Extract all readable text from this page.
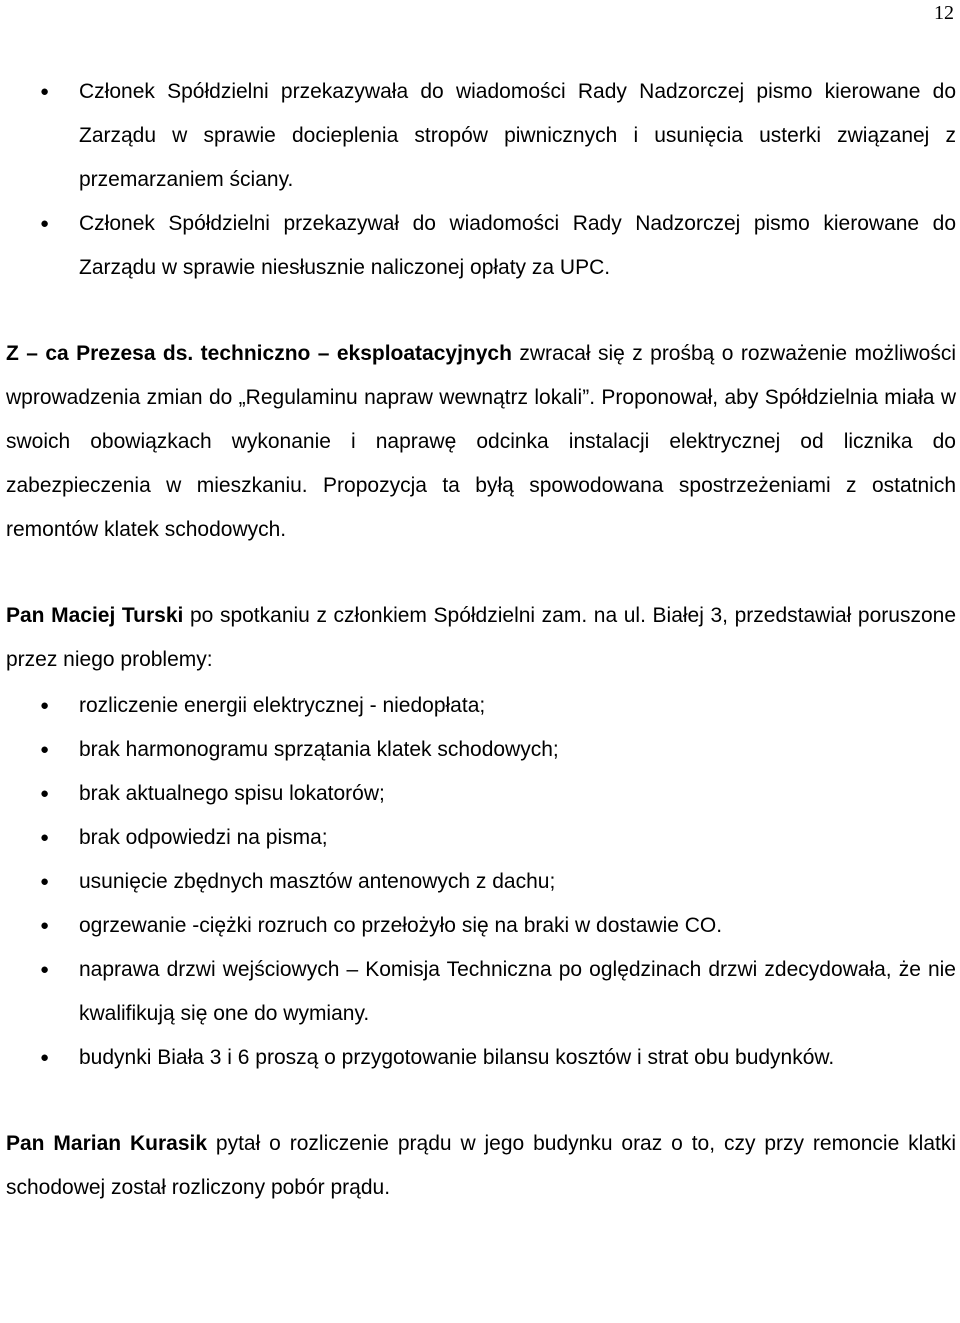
12
● Członek Spółdzielni przekazywała do wiadomości Rady Nadzorczej pismo kierowane do Zarządu w sprawie docieplenia stropów piwnicznych i usunięcia usterki związanej z przemarzaniem ściany.
● Członek Spółdzielni przekazywał do wiadomości Rady Nadzorczej pismo kierowane do Zarządu w sprawie niesłusznie naliczonej opłaty za UPC.

Z – ca Prezesa ds. techniczno – eksploatacyjnych zwracał się z prośbą o rozważenie możliwości wprowadzenia zmian do „Regulaminu napraw wewnątrz lokali”. Proponował, aby Spółdzielnia miała w swoich obowiązkach wykonanie i naprawę odcinka instalacji elektrycznej od licznika do zabezpieczenia w mieszkaniu. Propozycja ta byłą spowodowana spostrzeżeniami z ostatnich remontów klatek schodowych.

Pan Maciej Turski po spotkaniu z członkiem Spółdzielni zam. na ul. Białej 3, przedstawiał poruszone przez niego problemy:

● rozliczenie energii elektrycznej - niedopłata;
● brak harmonogramu sprzątania klatek schodowych;
● brak aktualnego spisu lokatorów;
● brak odpowiedzi na pisma;
● usunięcie zbędnych masztów antenowych z dachu;
● ogrzewanie -ciężki rozruch co przełożyło się na braki w dostawie CO.
● naprawa drzwi wejściowych – Komisja Techniczna po oględzinach drzwi zdecydowała, że nie kwalifikują się one do wymiany.
● budynki Biała 3 i 6 proszą o przygotowanie bilansu kosztów i strat obu budynków.

Pan Marian Kurasik pytał o rozliczenie prądu w jego budynku oraz o to, czy przy remoncie klatki schodowej został rozliczony pobór prądu.
